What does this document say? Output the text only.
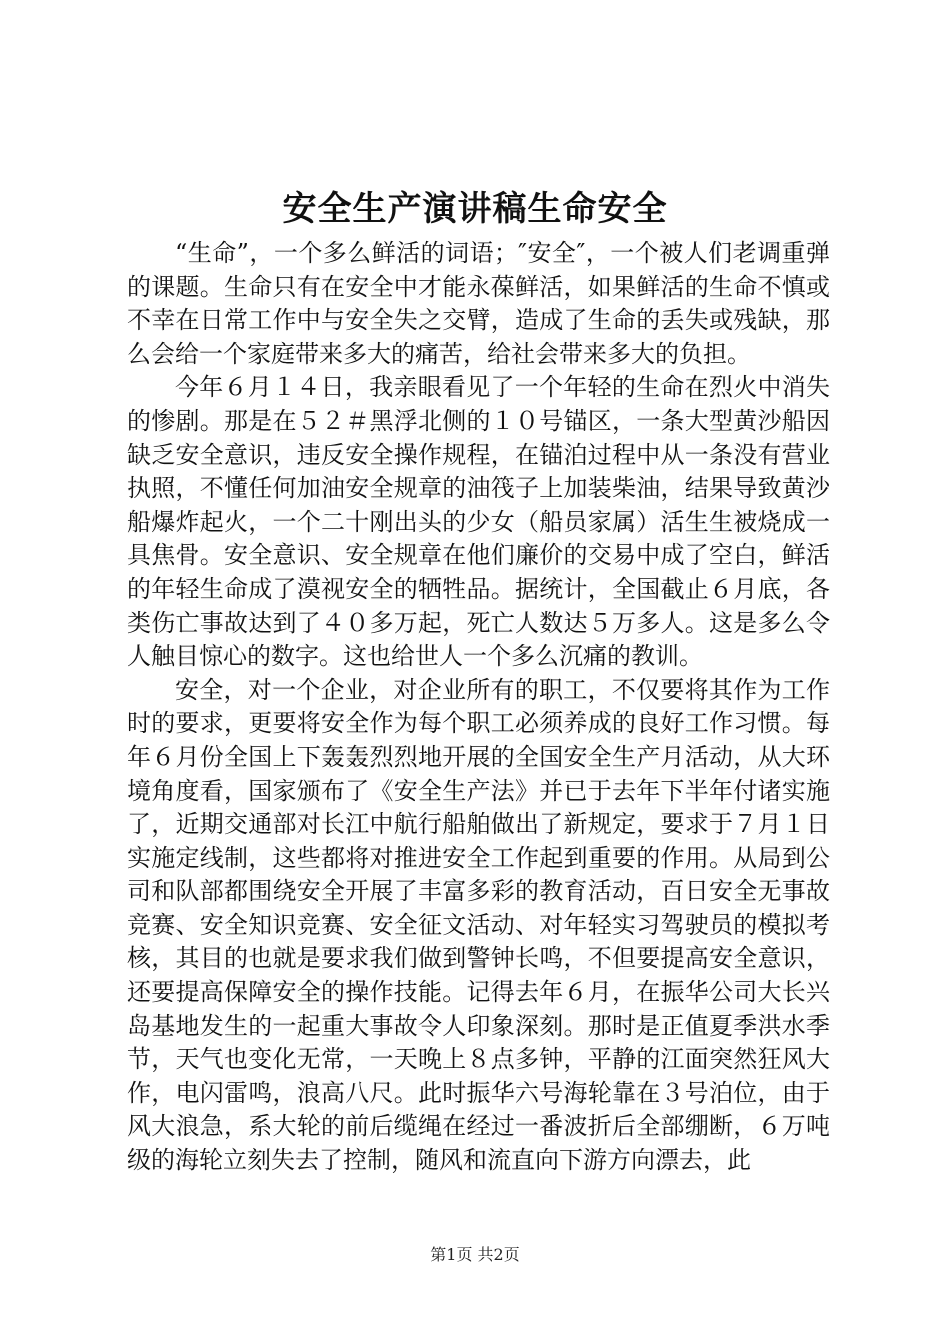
安全生产演讲稿生命安全

“生命”，一个多么鲜活的词语；″安全″，一个被人们老调重弹的课题。生命只有在安全中才能永葆鲜活，如果鲜活的生命不慎或不幸在日常工作中与安全失之交臂，造成了生命的丢失或残缺，那么会给一个家庭带来多大的痛苦，给社会带来多大的负担。

今年６月１４日，我亲眼看见了一个年轻的生命在烈火中消失的惨剧。那是在５２＃黑浮北侧的１０号锚区，一条大型黄沙船因缺乏安全意识，违反安全操作规程，在锚泊过程中从一条没有营业执照，不懂任何加油安全规章的油筏子上加装柴油，结果导致黄沙船爆炸起火，一个二十刚出头的少女（船员家属）活生生被烧成一具焦骨。安全意识、安全规章在他们廉价的交易中成了空白，鲜活的年轻生命成了漠视安全的牺牲品。据统计，全国截止６月底，各类伤亡事故达到了４０多万起，死亡人数达５万多人。这是多么令人触目惊心的数字。这也给世人一个多么沉痛的教训。

安全，对一个企业，对企业所有的职工，不仅要将其作为工作时的要求，更要将安全作为每个职工必须养成的良好工作习惯。每年６月份全国上下轰轰烈烈地开展的全国安全生产月活动，从大环境角度看，国家颁布了《安全生产法》并已于去年下半年付诸实施了，近期交通部对长江中航行船舶做出了新规定，要求于７月１日实施定线制，这些都将对推进安全工作起到重要的作用。从局到公司和队部都围绕安全开展了丰富多彩的教育活动，百日安全无事故竞赛、安全知识竞赛、安全征文活动、对年轻实习驾驶员的模拟考核，其目的也就是要求我们做到警钟长鸣，不但要提高安全意识，还要提高保障安全的操作技能。记得去年６月，在振华公司大长兴岛基地发生的一起重大事故令人印象深刻。那时是正值夏季洪水季节，天气也变化无常，一天晚上８点多钟，平静的江面突然狂风大作，电闪雷鸣，浪高八尺。此时振华六号海轮靠在３号泊位，由于风大浪急，系大轮的前后缆绳在经过一番波折后全部绷断，６万吨级的海轮立刻失去了控制，随风和流直向下游方向漂去，此

第1页 共2页
